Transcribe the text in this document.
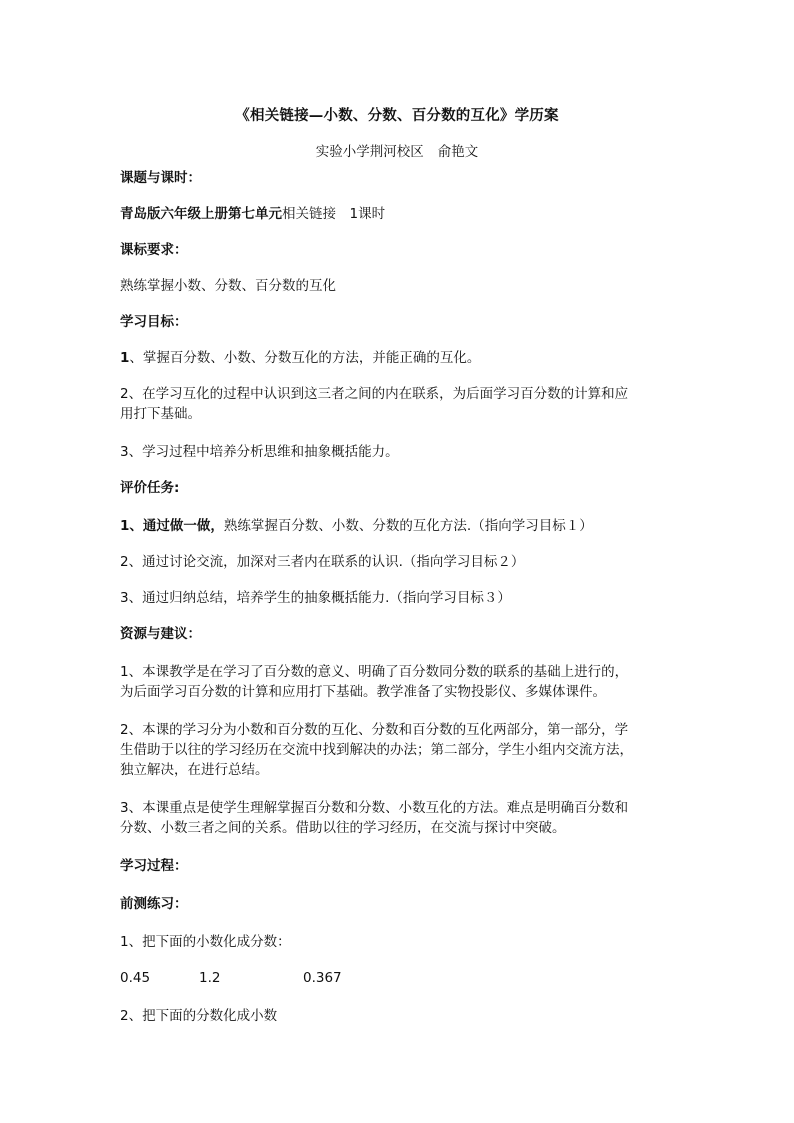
《相关链接—小数、分数、百分数的互化》学历案
实验小学荆河校区 俞艳文
课题与课时：
青岛版六年级上册第七单元相关链接　1课时
课标要求：
熟练掌握小数、分数、百分数的互化
学习目标：
1、掌握百分数、小数、分数互化的方法，并能正确的互化。
2、在学习互化的过程中认识到这三者之间的内在联系，为后面学习百分数的计算和应
用打下基础。
3、学习过程中培养分析思维和抽象概括能力。
评价任务:
1、通过做一做，熟练掌握百分数、小数、分数的互化方法.（指向学习目标１）
2、通过讨论交流，加深对三者内在联系的认识.（指向学习目标２）
3、通过归纳总结，培养学生的抽象概括能力.（指向学习目标３）
资源与建议：
1、本课教学是在学习了百分数的意义、明确了百分数同分数的联系的基础上进行的，
为后面学习百分数的计算和应用打下基础。教学准备了实物投影仪、多媒体课件。
2、本课的学习分为小数和百分数的互化、分数和百分数的互化两部分，第一部分，学
生借助于以往的学习经历在交流中找到解决的办法；第二部分，学生小组内交流方法，
独立解决，在进行总结。
3、本课重点是使学生理解掌握百分数和分数、小数互化的方法。难点是明确百分数和
分数、小数三者之间的关系。借助以往的学习经历，在交流与探讨中突破。
学习过程：
前测练习：
1、把下面的小数化成分数：
0.45	1.2	0.367
2、把下面的分数化成小数
